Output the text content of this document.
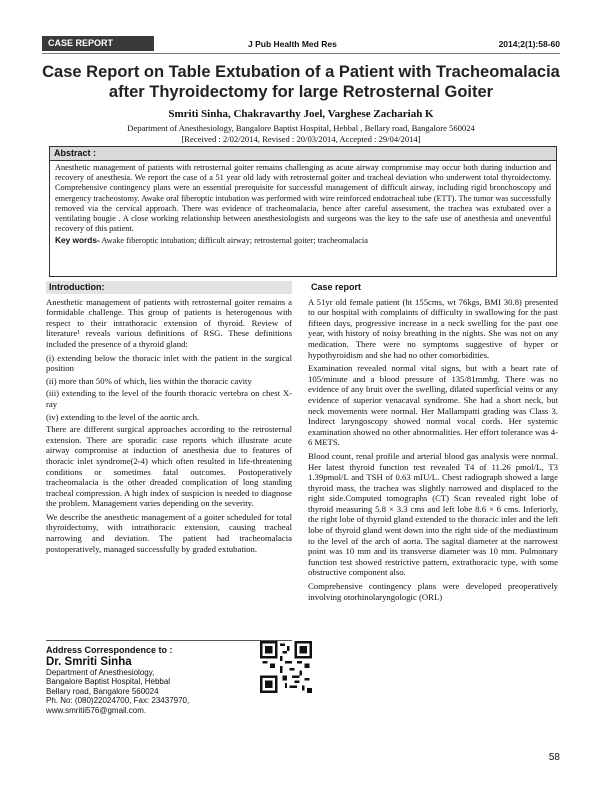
CASE REPORT	J Pub Health Med Res	2014;2(1):58-60
Case Report on Table Extubation of a Patient with Tracheomalacia after Thyroidectomy for large Retrosternal Goiter
Smriti Sinha, Chakravarthy Joel, Varghese Zachariah K
Department of Anesthesiology, Bangalore Baptist Hospital, Hebbal , Bellary road, Bangalore 560024
[Received : 2/02/2014, Revised : 20/03/2014, Accepted : 29/04/2014]
Abstract :
Anesthetic management of patients with retrosternal goiter remains challenging as acute airway compromise may occur both during induction and recovery of anesthesia. We report the case of a 51 year old lady with retrosternal goiter and tracheal deviation who underwent total thyroidectomy. Comprehensive contingency plans were an essential prerequisite for successful management of difficult airway, including rigid bronchoscopy and emergency tracheostomy. Awake oral fiberoptic intubation was performed with wire reinforced endotracheal tube (ETT). The tumor was successfully removed via the cervical approach. There was evidence of tracheomalacia, hence after careful assessment, the trachea was extubated over a ventilating bougie . A close working relationship between anesthesiologists and surgeons was the key to the safe use of anesthesia and uneventful recovery of this patient.
Key words- Awake fiberoptic intubation; difficult airway; retrosternal goiter; tracheomalacia
Introduction:

Anesthetic management of patients with retrosternal goiter remains a formidable challenge. This group of patients is heterogenous with respect to their intrathoracic extension of thyroid. Review of literature¹ reveals various definitions of RSG. These definitions included the presence of a thyroid gland:

(i) extending below the thoracic inlet with the patient in the surgical position
(ii) more than 50% of which, lies within the thoracic cavity
(iii) extending to the level of the fourth thoracic vertebra on chest X-ray
(iv) extending to the level of the aortic arch.

There are different surgical approaches according to the retrosternal extension. There are sporadic case reports which illustrate acute airway compromise at induction of anesthesia due to features of thoracic inlet syndrome(2-4) which often resulted in life-threatening conditions or sometimes fatal outcomes. Postoperatively tracheomalacia is the other dreaded complication of long standing tracheal compression. A high index of suspicion is needed to diagnose the problem. Management varies depending on the severity.

We describe the anesthetic management of a goiter scheduled for total thyroidectomy, with intrathoracic extension, causing tracheal narrowing and deviation. The patient had tracheomalacia postoperatively, managed successfully by graded extubation.

Case report

A 51yr old female patient (ht 155cms, wt 76kgs, BMI 30.8) presented to our hospital with complaints of difficulty in swallowing for the past fifteen days, progressive increase in a neck swelling for the past one year, with history of noisy breathing in the nights. She was not on any medication. There were no symptoms suggestive of hyper or hypothyroidism and she had no other comorbidities.

Examination revealed normal vital signs, but with a heart rate of 105/minute and a blood pressure of 135/81mmhg. There was no evidence of any bruit over the swelling, dilated superficial veins or any evidence of superior venacaval syndrome. She had a short neck, but neck movements were normal. Her Mallampatti grading was Class 3. Indirect laryngoscopy showed normal vocal cords. Her systemic examination showed no other abnormalities. Her effort tolerance was 4-6 METS.

Blood count, renal profile and arterial blood gas analysis were normal. Her latest thyroid function test revealed T4 of 11.26 pmol/L, T3 1.39pmol/L and TSH of 0.63 mIU/L. Chest radiograph showed a large thyroid mass, the trachea was slightly narrowed and displaced to the right side.Computed tomographs (CT) Scan revealed right lobe of thyroid measuring 5.8 × 3.3 cms and left lobe 8.6 × 6 cms. Inferiorly, the right lobe of thyroid gland extended to the thoracic inlet and the left lobe of thyroid gland went down into the right side of the mediastinum to the level of the arch of aorta. The sagital diameter at the narrowest point was 10 mm and its transverse diameter was 10 mm. Pulmonary function test showed restrictive pattern, extrathoracic type, with some obstructive component also.

Comprehensive contingency plans were developed preoperatively involving otorhinolaryngologic (ORL)

Address Correspondence to :
Dr. Smriti Sinha
Department of Anesthesiology,
Bangalore Baptist Hospital, Hebbal
Bellary road, Bangalore 560024
Ph. No: (080)22024700, Fax: 23437970,
www.smritii576@gmail.com.
58
